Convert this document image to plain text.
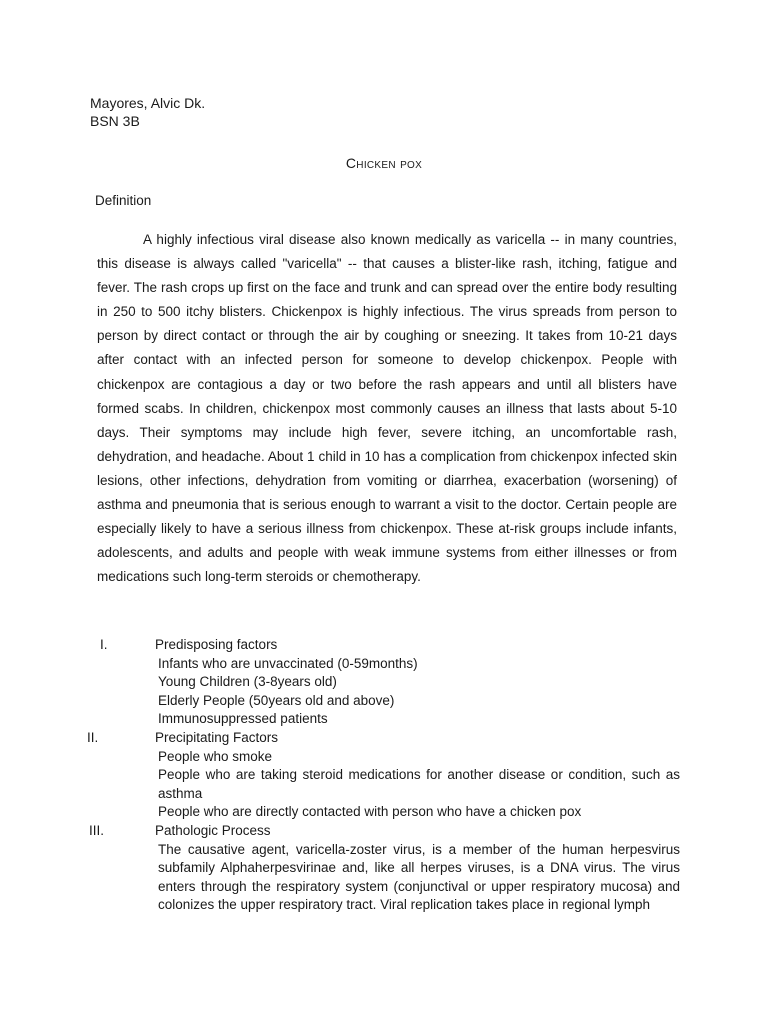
Mayores, Alvic Dk.
BSN 3B
Chicken pox
Definition

A highly infectious viral disease also known medically as varicella -- in many countries, this disease is always called "varicella" -- that causes a blister-like rash, itching, fatigue and fever. The rash crops up first on the face and trunk and can spread over the entire body resulting in 250 to 500 itchy blisters. Chickenpox is highly infectious. The virus spreads from person to person by direct contact or through the air by coughing or sneezing. It takes from 10-21 days after contact with an infected person for someone to develop chickenpox. People with chickenpox are contagious a day or two before the rash appears and until all blisters have formed scabs. In children, chickenpox most commonly causes an illness that lasts about 5-10 days. Their symptoms may include high fever, severe itching, an uncomfortable rash, dehydration, and headache. About 1 child in 10 has a complication from chickenpox infected skin lesions, other infections, dehydration from vomiting or diarrhea, exacerbation (worsening) of asthma and pneumonia that is serious enough to warrant a visit to the doctor. Certain people are especially likely to have a serious illness from chickenpox. These at-risk groups include infants, adolescents, and adults and people with weak immune systems from either illnesses or from medications such long-term steroids or chemotherapy.

I.	Predisposing factors
Infants who are unvaccinated (0-59months)
Young Children (3-8years old)
Elderly People (50years old and above)
Immunosuppressed patients
II.	Precipitating Factors
People who smoke
People who are taking steroid medications for another disease or condition, such as asthma
People who are directly contacted with person who have a chicken pox
III.	Pathologic Process
The causative agent, varicella-zoster virus, is a member of the human herpesvirus subfamily Alphaherpesvirinae and, like all herpes viruses, is a DNA virus. The virus enters through the respiratory system (conjunctival or upper respiratory mucosa) and colonizes the upper respiratory tract. Viral replication takes place in regional lymph
